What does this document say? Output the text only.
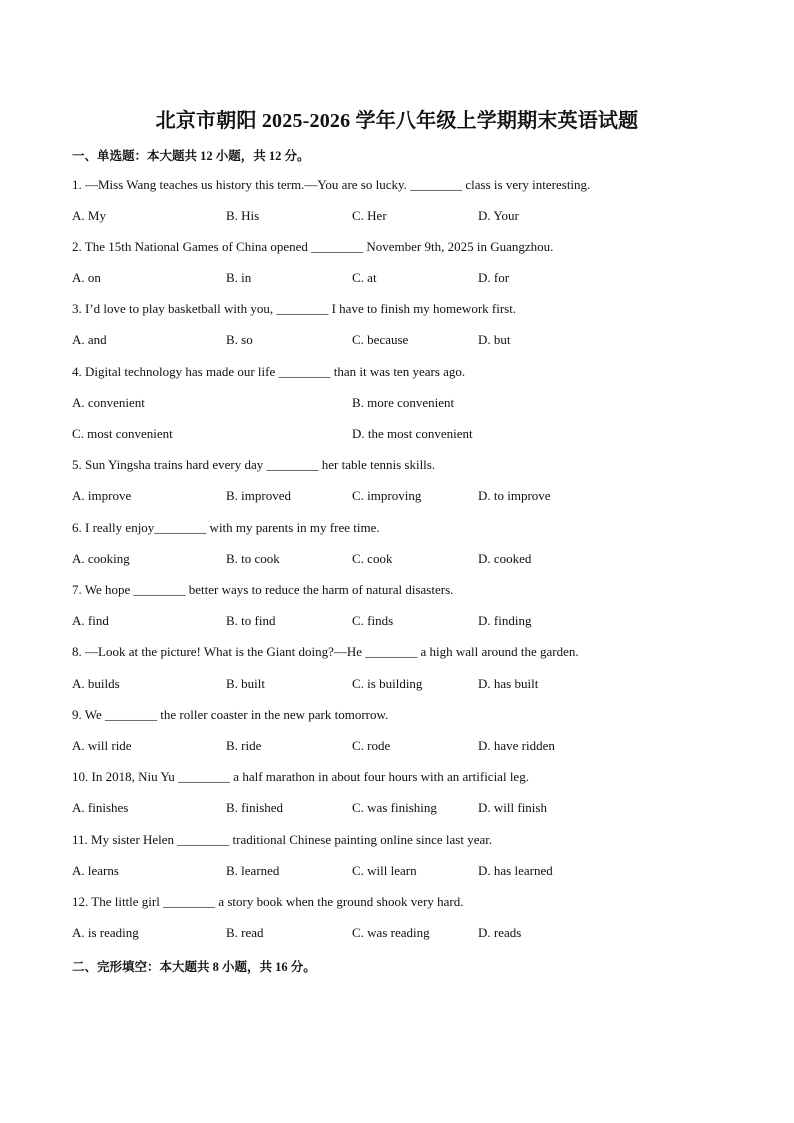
北京市朝阳 2025-2026 学年八年级上学期期末英语试题
一、单选题：本大题共 12 小题，共 12 分。
1. —Miss Wang teaches us history this term.—You are so lucky. ________ class is very interesting.
A. My	B. His	C. Her	D. Your
2. The 15th National Games of China opened ________ November 9th, 2025 in Guangzhou.
A. on	B. in	C. at	D. for
3. I’d love to play basketball with you, ________ I have to finish my homework first.
A. and	B. so	C. because	D. but
4. Digital technology has made our life ________ than it was ten years ago.
A. convenient	B. more convenient
C. most convenient	D. the most convenient
5. Sun Yingsha trains hard every day ________ her table tennis skills.
A. improve	B. improved	C. improving	D. to improve
6. I really enjoy________ with my parents in my free time.
A. cooking	B. to cook	C. cook	D. cooked
7. We hope ________ better ways to reduce the harm of natural disasters.
A. find	B. to find	C. finds	D. finding
8. —Look at the picture! What is the Giant doing?—He ________ a high wall around the garden.
A. builds	B. built	C. is building	D. has built
9. We ________ the roller coaster in the new park tomorrow.
A. will ride	B. ride	C. rode	D. have ridden
10. In 2018, Niu Yu ________ a half marathon in about four hours with an artificial leg.
A. finishes	B. finished	C. was finishing	D. will finish
11. My sister Helen ________ traditional Chinese painting online since last year.
A. learns	B. learned	C. will learn	D. has learned
12. The little girl ________ a story book when the ground shook very hard.
A. is reading	B. read	C. was reading	D. reads
二、完形填空：本大题共 8 小题，共 16 分。
